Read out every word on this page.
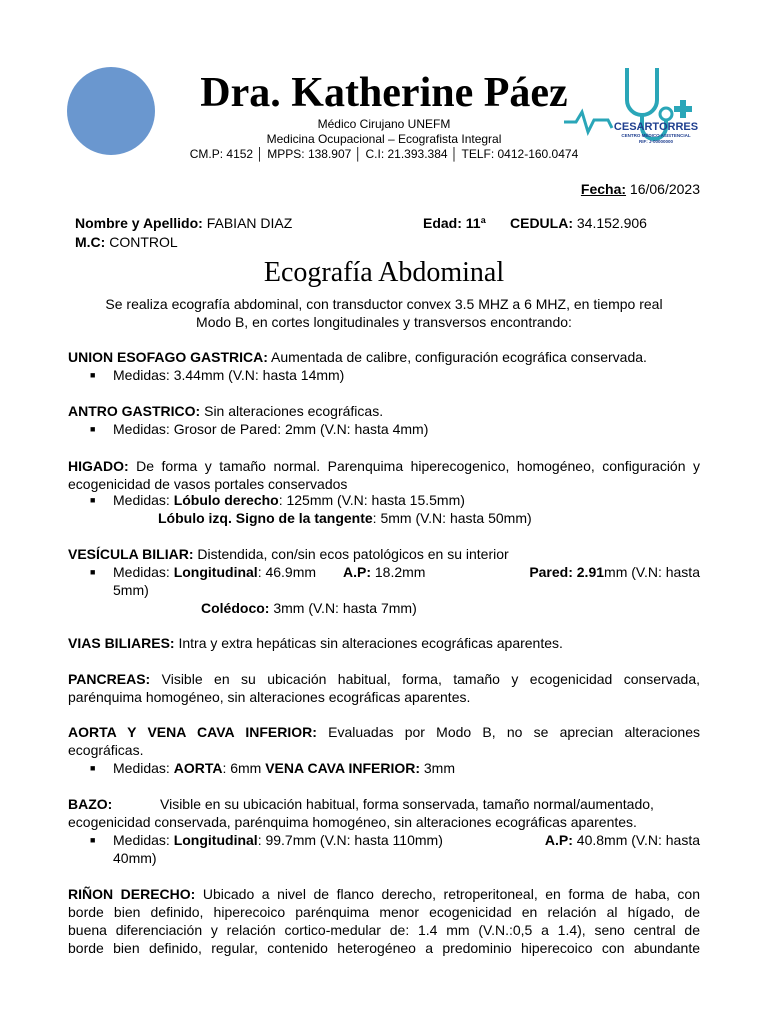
Dra. Katherine Páez
Médico Cirujano UNEFM
Medicina Ocupacional – Ecografista Integral
CM.P: 4152 │ MPPS: 138.907 │ C.I: 21.393.384 │ TELF: 0412-160.0474
CESARTORRES
CENTRO MÉDICO ASISTENCIAL
RIF: J-00000000
Fecha: 16/06/2023
Nombre y Apellido: FABIAN DIAZ	Edad: 11ª CEDULA: 34.152.906
M.C: CONTROL
Ecografía Abdominal
Se realiza ecografía abdominal, con transductor convex 3.5 MHZ a 6 MHZ, en tiempo real
Modo B, en cortes longitudinales y transversos encontrando:
UNION ESOFAGO GASTRICA: Aumentada de calibre, configuración ecográfica conservada.
■	Medidas: 3.44mm (V.N: hasta 14mm)
ANTRO GASTRICO: Sin alteraciones ecográficas.
■	Medidas: Grosor de Pared: 2mm (V.N: hasta 4mm)
HIGADO: De forma y tamaño normal. Parenquima hiperecogenico, homogéneo, configuración y ecogenicidad de vasos portales conservados
■	Medidas: Lóbulo derecho: 125mm (V.N: hasta 15.5mm)
Lóbulo izq. Signo de la tangente: 5mm (V.N: hasta 50mm)
VESÍCULA BILIAR: Distendida, con/sin ecos patológicos en su interior
■	Medidas: Longitudinal: 46.9mm A.P: 18.2mm	Pared: 2.91mm (V.N: hasta
5mm)
Colédoco: 3mm (V.N: hasta 7mm)
VIAS BILIARES: Intra y extra hepáticas sin alteraciones ecográficas aparentes.
PANCREAS: Visible en su ubicación habitual, forma, tamaño y ecogenicidad conservada,
parénquima homogéneo, sin alteraciones ecográficas aparentes.
AORTA Y VENA CAVA INFERIOR: Evaluadas por Modo B, no se aprecian alteraciones
ecográficas.
■	Medidas: AORTA: 6mm VENA CAVA INFERIOR: 3mm
BAZO:	Visible en su ubicación habitual, forma sonservada, tamaño normal/aumentado,
ecogenicidad conservada, parénquima homogéneo, sin alteraciones ecográficas aparentes.
■	Medidas: Longitudinal: 99.7mm (V.N: hasta 110mm)	A.P: 40.8mm (V.N: hasta
40mm)
RIÑON DERECHO: Ubicado a nivel de flanco derecho, retroperitoneal, en forma de haba, con
borde bien definido, hiperecoico parénquima menor ecogenicidad en relación al hígado, de
buena diferenciación y relación cortico-medular de: 1.4 mm (V.N.:0,5 a 1.4), seno central de
borde bien definido, regular, contenido heterogéneo a predominio hiperecoico con abundante
